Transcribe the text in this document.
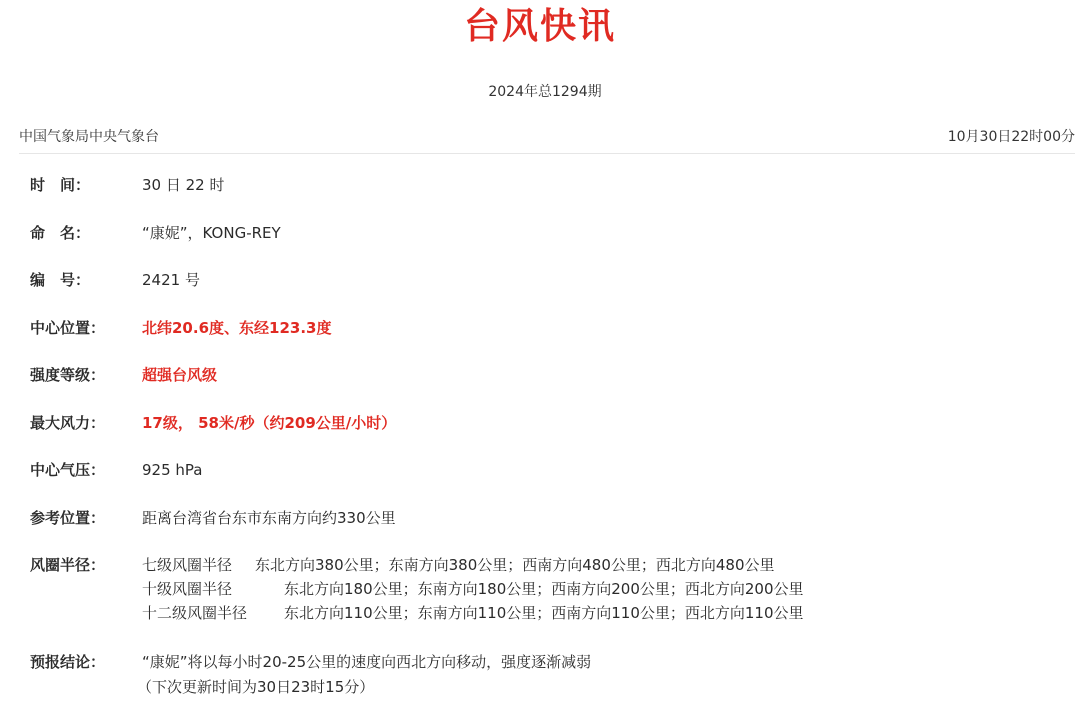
台风快讯
2024年总1294期
中国气象局中央气象台	10月30日22时00分
时　间：	30 日 22 时
命　名：	“康妮”，KONG-REY
编　号：	2421 号
中心位置： 北纬20.6度、东经123.3度
强度等级： 超强台风级
最大风力： 17级， 58米/秒（约209公里/小时）
中心气压： 925 hPa
参考位置： 距离台湾省台东市东南方向约330公里
风圈半径： 七级风圈半径 东北方向380公里；东南方向380公里；西南方向480公里；西北方向480公里
十级风圈半径	东北方向180公里；东南方向180公里；西南方向200公里；西北方向200公里
十二级风圈半径 东北方向110公里；东南方向110公里；西南方向110公里；西北方向110公里
预报结论： “康妮”将以每小时20-25公里的速度向西北方向移动，强度逐渐减弱
（下次更新时间为30日23时15分）
